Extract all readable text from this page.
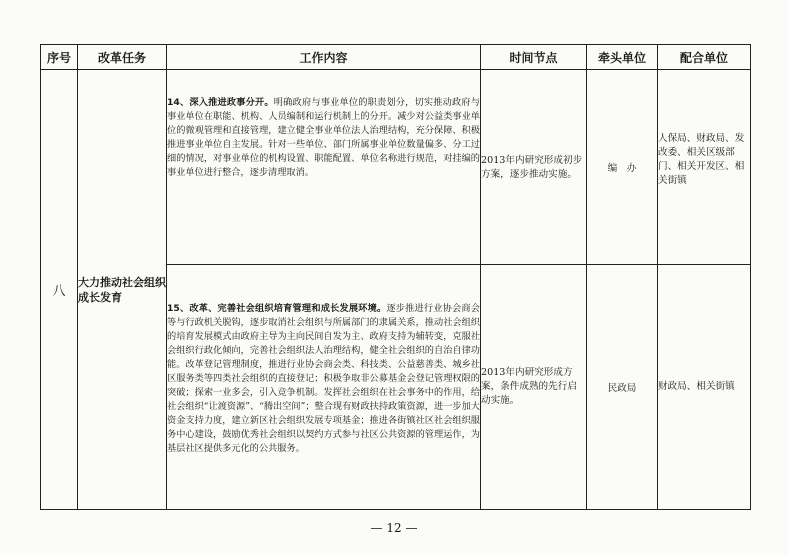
序号	改革任务	工作内容	时间节点	牵头单位	配合单位
八	大力推动社会组织成长发育	14、深入推进政事分开。明确政府与事业单位的职责划分，切实推动政府与事业单位在职能、机构、人员编制和运行机制上的分开。减少对公益类事业单位的微观管理和直接管理，建立健全事业单位法人治理结构，充分保障、积极推进事业单位自主发展。针对一些单位、部门所属事业单位数量偏多、分工过细的情况，对事业单位的机构设置、职能配置、单位名称进行规范，对挂编的事业单位进行整合，逐步清理取消。	2013年内研究形成初步方案，逐步推动实施。	编　办	人保局、财政局、发改委、相关区级部门、相关开发区、相关街镇

		15、改革、完善社会组织培育管理和成长发展环境。逐步推进行业协会商会等与行政机关脱钩，逐步取消社会组织与所属部门的隶属关系，推动社会组织的培育发展模式由政府主导为主向民间自发为主、政府支持为辅转变，克服社会组织行政化倾向，完善社会组织法人治理结构，健全社会组织的自治自律功能。改革登记管理制度，推进行业协会商会类、科技类、公益慈善类、城乡社区服务类等四类社会组织的直接登记；积极争取非公募基金会登记管理权限的突破；探索一业多会，引入竞争机制。发挥社会组织在社会事务中的作用，给社会组织“让渡资源”、“腾出空间”；整合现有财政扶持政策资源，进一步加大资金支持力度，建立新区社会组织发展专项基金；推进各街镇社区社会组织服务中心建设，鼓励优秀社会组织以契约方式参与社区公共资源的管理运作，为基层社区提供多元化的公共服务。	2013年内研究形成方案，条件成熟的先行启动实施。	民政局	财政局、相关街镇
— 12 —
